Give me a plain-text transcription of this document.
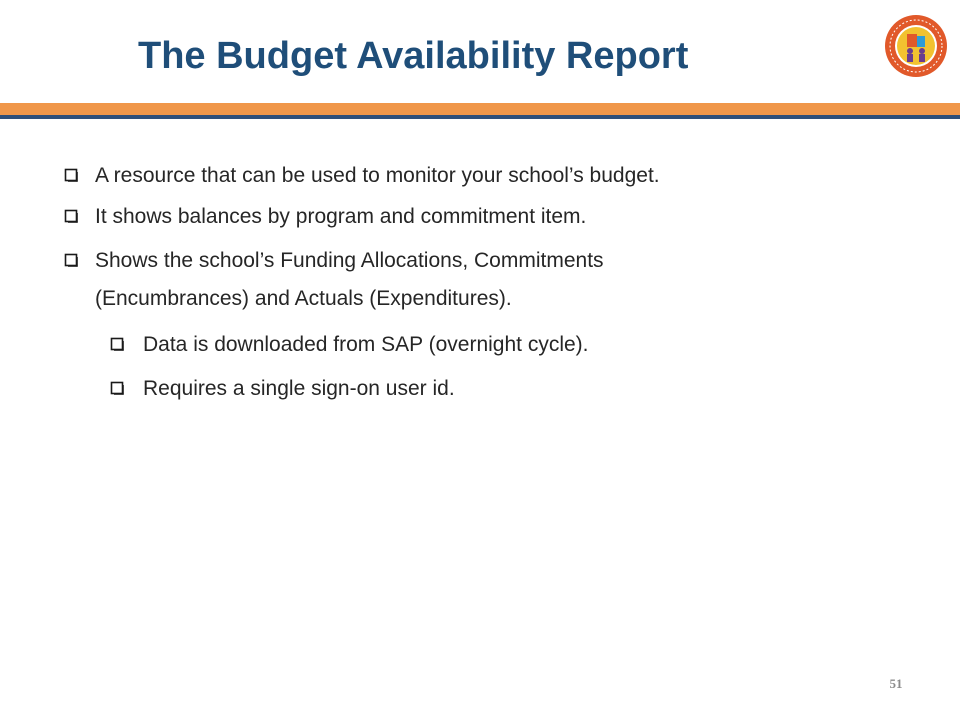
The Budget Availability Report
A resource that can be used to monitor your school’s budget.
It shows balances by program and commitment item.
Shows the school’s Funding Allocations, Commitments
(Encumbrances) and Actuals (Expenditures).
Data is downloaded from SAP (overnight cycle).
Requires a single sign-on user id.
51
